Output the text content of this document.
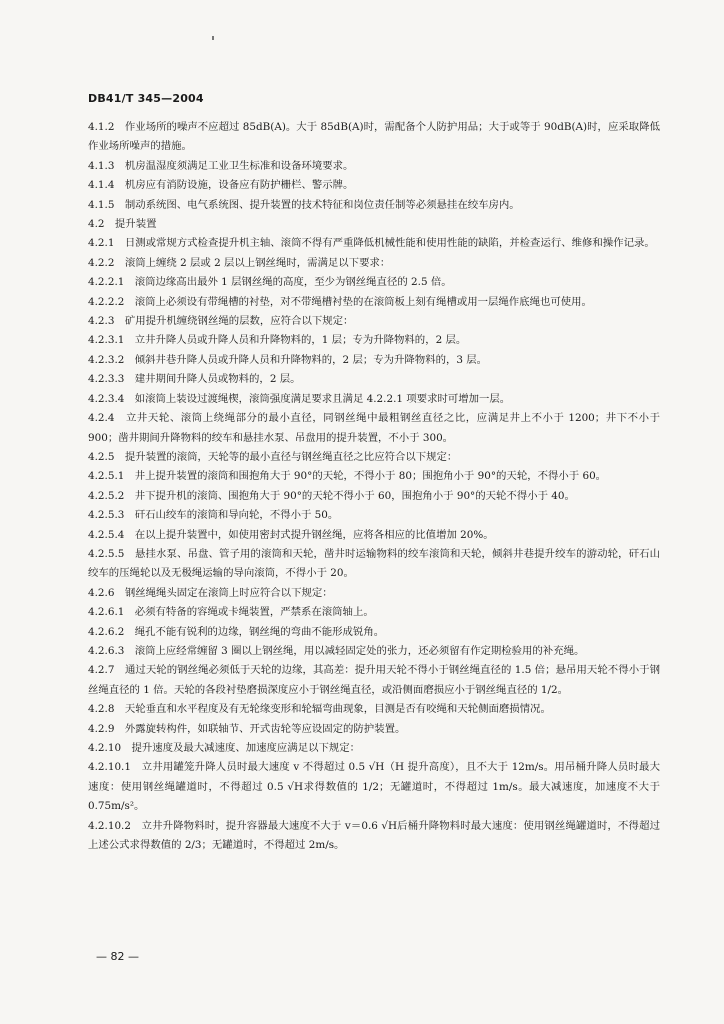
DB41/T 345—2004

4.1.2　作业场所的噪声不应超过 85dB(A)。大于 85dB(A)时，需配备个人防护用品；大于或等于 90dB(A)时，应采取降低作业场所噪声的措施。

4.1.3　机房温湿度须满足工业卫生标准和设备环境要求。

4.1.4　机房应有消防设施，设备应有防护栅栏、警示牌。

4.1.5　制动系统图、电气系统图、提升装置的技术特征和岗位责任制等必须悬挂在绞车房内。

4.2　提升装置

4.2.1　日测或常规方式检查提升机主轴、滚筒不得有严重降低机械性能和使用性能的缺陷，并检查运行、维修和操作记录。

4.2.2　滚筒上缠绕 2 层或 2 层以上钢丝绳时，需满足以下要求：

4.2.2.1　滚筒边缘高出最外 1 层钢丝绳的高度，至少为钢丝绳直径的 2.5 倍。

4.2.2.2　滚筒上必须设有带绳槽的衬垫，对不带绳槽衬垫的在滚筒板上刻有绳槽或用一层绳作底绳也可使用。

4.2.3　矿用提升机缠绕钢丝绳的层数，应符合以下规定：

4.2.3.1　立井升降人员或升降人员和升降物料的，1 层；专为升降物料的，2 层。

4.2.3.2　倾斜井巷升降人员或升降人员和升降物料的，2 层；专为升降物料的，3 层。

4.2.3.3　建井期间升降人员或物料的，2 层。

4.2.3.4　如滚筒上装设过渡绳楔，滚筒强度满足要求且满足 4.2.2.1 项要求时可增加一层。

4.2.4　立井天轮、滚筒上绕绳部分的最小直径，同钢丝绳中最粗钢丝直径之比，应满足井上不小于 1200；井下不小于 900；凿井期间升降物料的绞车和悬挂水泵、吊盘用的提升装置，不小于 300。

4.2.5　提升装置的滚筒，天轮等的最小直径与钢丝绳直径之比应符合以下规定：

4.2.5.1　井上提升装置的滚筒和围抱角大于 90°的天轮，不得小于 80；围抱角小于 90°的天轮，不得小于 60。

4.2.5.2　井下提升机的滚筒、围抱角大于 90°的天轮不得小于 60，围抱角小于 90°的天轮不得小于 40。

4.2.5.3　矸石山绞车的滚筒和导向轮，不得小于 50。

4.2.5.4　在以上提升装置中，如使用密封式提升钢丝绳，应将各相应的比值增加 20%。

4.2.5.5　悬挂水泵、吊盘、管子用的滚筒和天轮，凿井时运输物料的绞车滚筒和天轮，倾斜井巷提升绞车的游动轮，矸石山绞车的压绳轮以及无极绳运输的导向滚筒，不得小于 20。

4.2.6　钢丝绳绳头固定在滚筒上时应符合以下规定：

4.2.6.1　必须有特备的容绳或卡绳装置，严禁系在滚筒轴上。

4.2.6.2　绳孔不能有锐利的边缘，钢丝绳的弯曲不能形成锐角。

4.2.6.3　滚筒上应经常缠留 3 圈以上钢丝绳，用以减轻固定处的张力，还必须留有作定期检验用的补充绳。

4.2.7　通过天轮的钢丝绳必须低于天轮的边缘，其高差：提升用天轮不得小于钢丝绳直径的 1.5 倍；悬吊用天轮不得小于钢丝绳直径的 1 倍。天轮的各段衬垫磨损深度应小于钢丝绳直径，或沿侧面磨损应小于钢丝绳直径的 1/2。

4.2.8　天轮垂直和水平程度及有无轮缘变形和轮辐弯曲现象，目测是否有咬绳和天轮侧面磨损情况。

4.2.9　外露旋转构件，如联轴节、开式齿轮等应设固定的防护装置。

4.2.10　提升速度及最大减速度、加速度应满足以下规定：

4.2.10.1　立井用罐笼升降人员时最大速度 v 不得超过 0.5 √H（H 提升高度），且不大于 12m/s。用吊桶升降人员时最大速度：使用钢丝绳罐道时，不得超过 0.5 √H求得数值的 1/2；无罐道时，不得超过 1m/s。最大减速度，加速度不大于 0.75m/s²。

4.2.10.2　立井升降物料时，提升容器最大速度不大于 v＝0.6 √H后桶升降物料时最大速度：使用钢丝绳罐道时，不得超过上述公式求得数值的 2/3；无罐道时，不得超过 2m/s。

— 82 —
